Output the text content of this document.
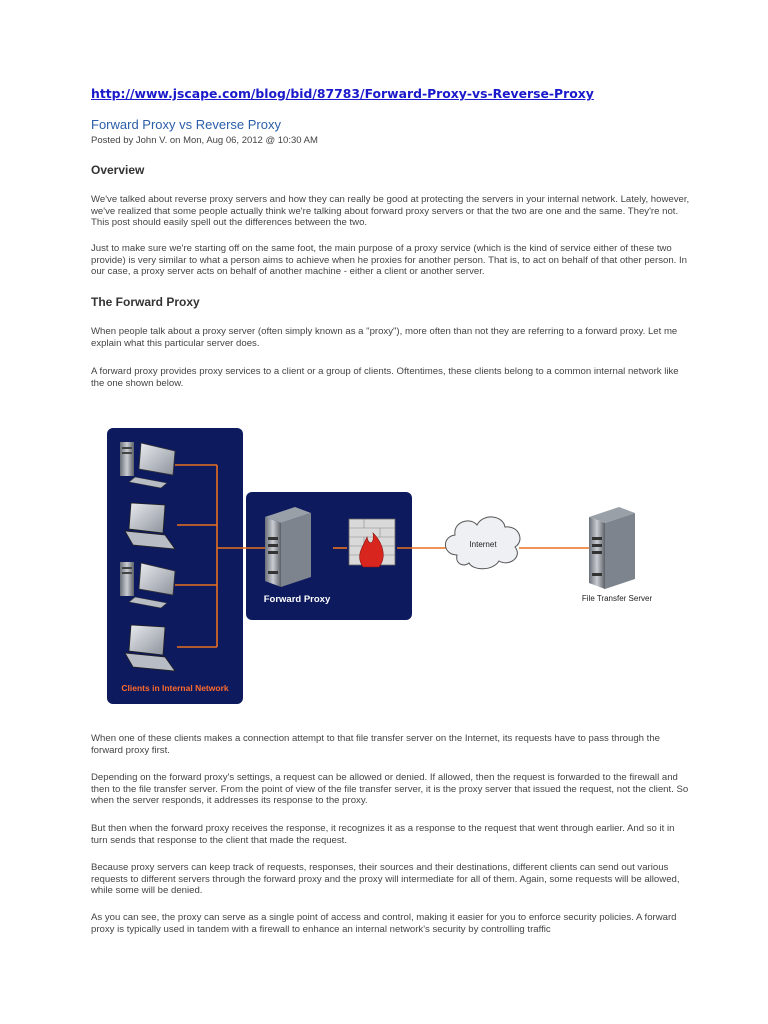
http://www.jscape.com/blog/bid/87783/Forward-Proxy-vs-Reverse-Proxy
Forward Proxy vs Reverse Proxy
Posted by John V. on Mon, Aug 06, 2012 @ 10:30 AM
Overview
We've talked about reverse proxy servers and how they can really be good at protecting the servers in your internal network. Lately, however, we've realized that some people actually think we're talking about forward proxy servers or that the two are one and the same. They're not. This post should easily spell out the differences between the two.
Just to make sure we're starting off on the same foot, the main purpose of a proxy service (which is the kind of service either of these two provide) is very similar to what a person aims to achieve when he proxies for another person. That is, to act on behalf of that other person. In our case, a proxy server acts on behalf of another machine - either a client or another server.
The Forward Proxy
When people talk about a proxy server (often simply known as a "proxy"), more often than not they are referring to a forward proxy. Let me explain what this particular server does.
A forward proxy provides proxy services to a client or a group of clients. Oftentimes, these clients belong to a common internal network like the one shown below.
Clients in Internal Network
Forward Proxy
Internet
File Transfer Server
When one of these clients makes a connection attempt to that file transfer server on the Internet, its requests have to pass through the forward proxy first.
Depending on the forward proxy's settings, a request can be allowed or denied. If allowed, then the request is forwarded to the firewall and then to the file transfer server. From the point of view of the file transfer server, it is the proxy server that issued the request, not the client. So when the server responds, it addresses its response to the proxy.
But then when the forward proxy receives the response, it recognizes it as a response to the request that went through earlier. And so it in turn sends that response to the client that made the request.
Because proxy servers can keep track of requests, responses, their sources and their destinations, different clients can send out various requests to different servers through the forward proxy and the proxy will intermediate for all of them. Again, some requests will be allowed, while some will be denied.
As you can see, the proxy can serve as a single point of access and control, making it easier for you to enforce security policies. A forward proxy is typically used in tandem with a firewall to enhance an internal network's security by controlling traffic
